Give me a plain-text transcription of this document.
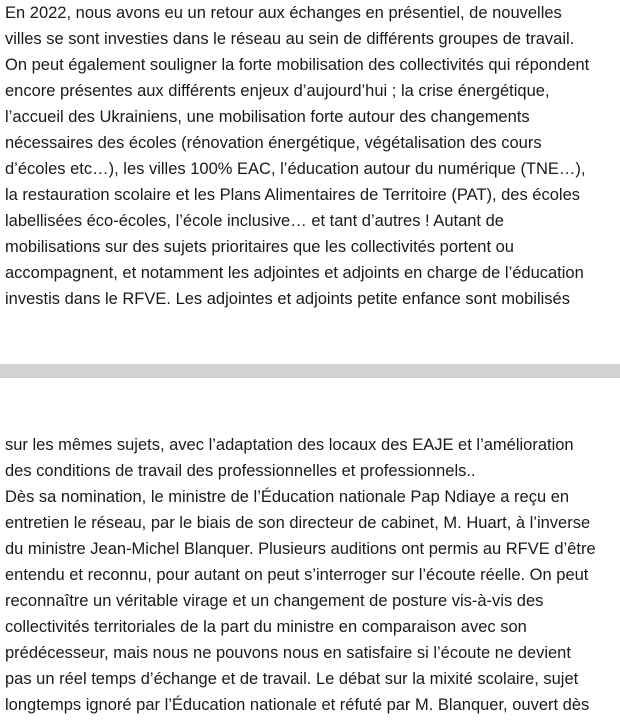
En 2022, nous avons eu un retour aux échanges en présentiel, de nouvelles
villes se sont investies dans le réseau au sein de différents groupes de travail.
On peut également souligner la forte mobilisation des collectivités qui répondent
encore présentes aux différents enjeux d’aujourd’hui ; la crise énergétique,
l’accueil des Ukrainiens, une mobilisation forte autour des changements
nécessaires des écoles (rénovation énergétique, végétalisation des cours
d’écoles etc…), les villes 100% EAC, l’éducation autour du numérique (TNE…),
la restauration scolaire et les Plans Alimentaires de Territoire (PAT), des écoles
labellisées éco-écoles, l’école inclusive… et tant d’autres ! Autant de
mobilisations sur des sujets prioritaires que les collectivités portent ou
accompagnent, et notamment les adjointes et adjoints en charge de l’éducation
investis dans le RFVE. Les adjointes et adjoints petite enfance sont mobilisés
sur les mêmes sujets, avec l’adaptation des locaux des EAJE et l’amélioration
des conditions de travail des professionnelles et professionnels..
Dès sa nomination, le ministre de l’Éducation nationale Pap Ndiaye a reçu en
entretien le réseau, par le biais de son directeur de cabinet, M. Huart, à l’inverse
du ministre Jean-Michel Blanquer. Plusieurs auditions ont permis au RFVE d’être
entendu et reconnu, pour autant on peut s’interroger sur l’écoute réelle. On peut
reconnaître un véritable virage et un changement de posture vis-à-vis des
collectivités territoriales de la part du ministre en comparaison avec son
prédécesseur, mais nous ne pouvons nous en satisfaire si l’écoute ne devient
pas un réel temps d’échange et de travail. Le débat sur la mixité scolaire, sujet
longtemps ignoré par l’Éducation nationale et réfuté par M. Blanquer, ouvert dès
